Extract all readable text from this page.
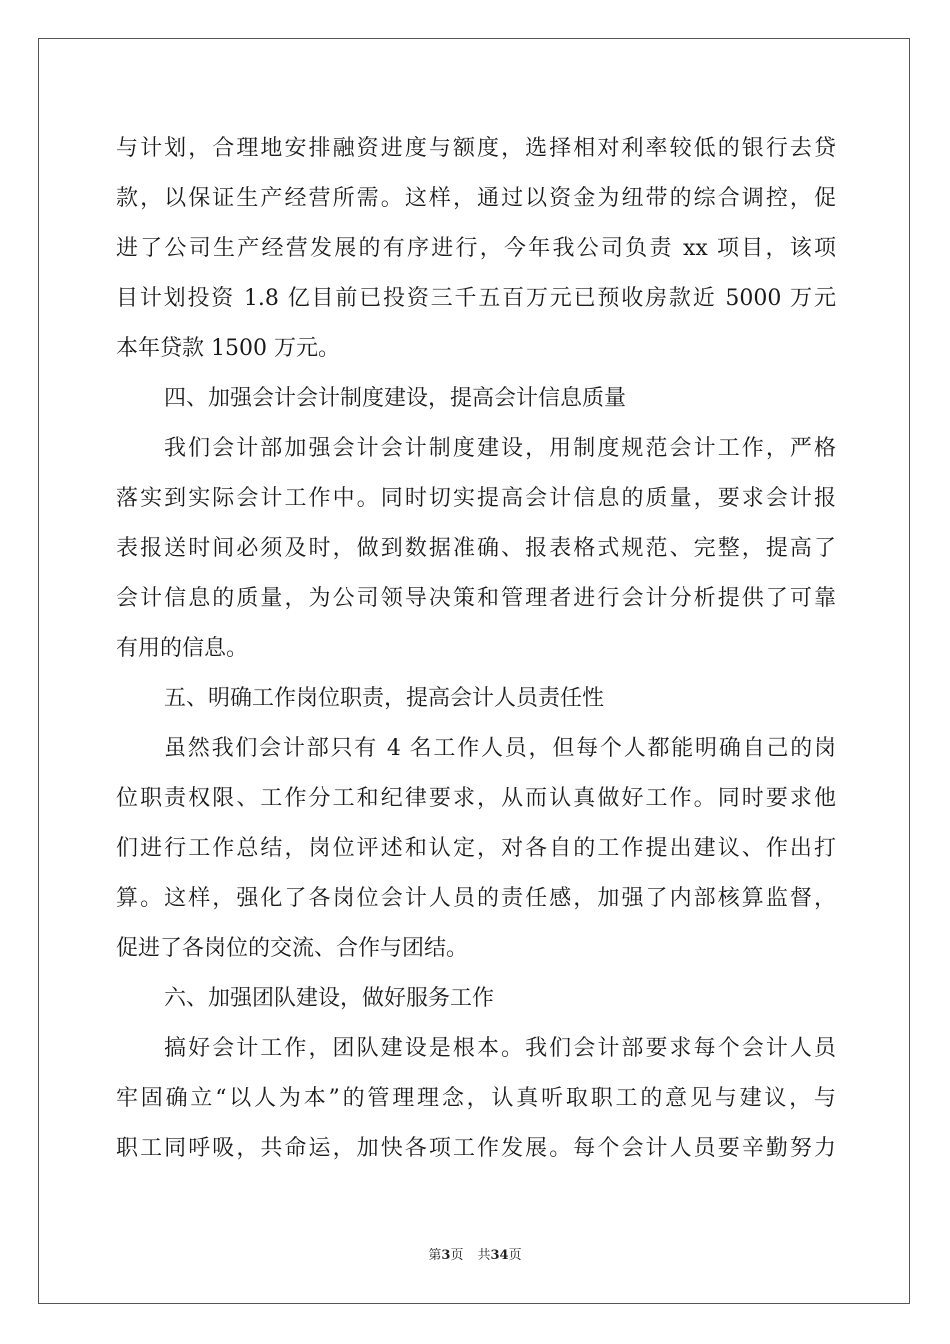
与计划，合理地安排融资进度与额度，选择相对利率较低的银行去贷
款，以保证生产经营所需。这样，通过以资金为纽带的综合调控，促
进了公司生产经营发展的有序进行，今年我公司负责 xx 项目，该项
目计划投资 1.8 亿目前已投资三千五百万元已预收房款近 5000 万元
本年贷款 1500 万元。
四、加强会计会计制度建设，提高会计信息质量
我们会计部加强会计会计制度建设，用制度规范会计工作，严格
落实到实际会计工作中。同时切实提高会计信息的质量，要求会计报
表报送时间必须及时，做到数据准确、报表格式规范、完整，提高了
会计信息的质量，为公司领导决策和管理者进行会计分析提供了可靠
有用的信息。
五、明确工作岗位职责，提高会计人员责任性
虽然我们会计部只有 4 名工作人员，但每个人都能明确自己的岗
位职责权限、工作分工和纪律要求，从而认真做好工作。同时要求他
们进行工作总结，岗位评述和认定，对各自的工作提出建议、作出打
算。这样，强化了各岗位会计人员的责任感，加强了内部核算监督，
促进了各岗位的交流、合作与团结。
六、加强团队建设，做好服务工作
搞好会计工作，团队建设是根本。我们会计部要求每个会计人员
牢固确立“以人为本”的管理理念，认真听取职工的意见与建议，与
职工同呼吸，共命运，加快各项工作发展。每个会计人员要辛勤努力
第3页 共34页
